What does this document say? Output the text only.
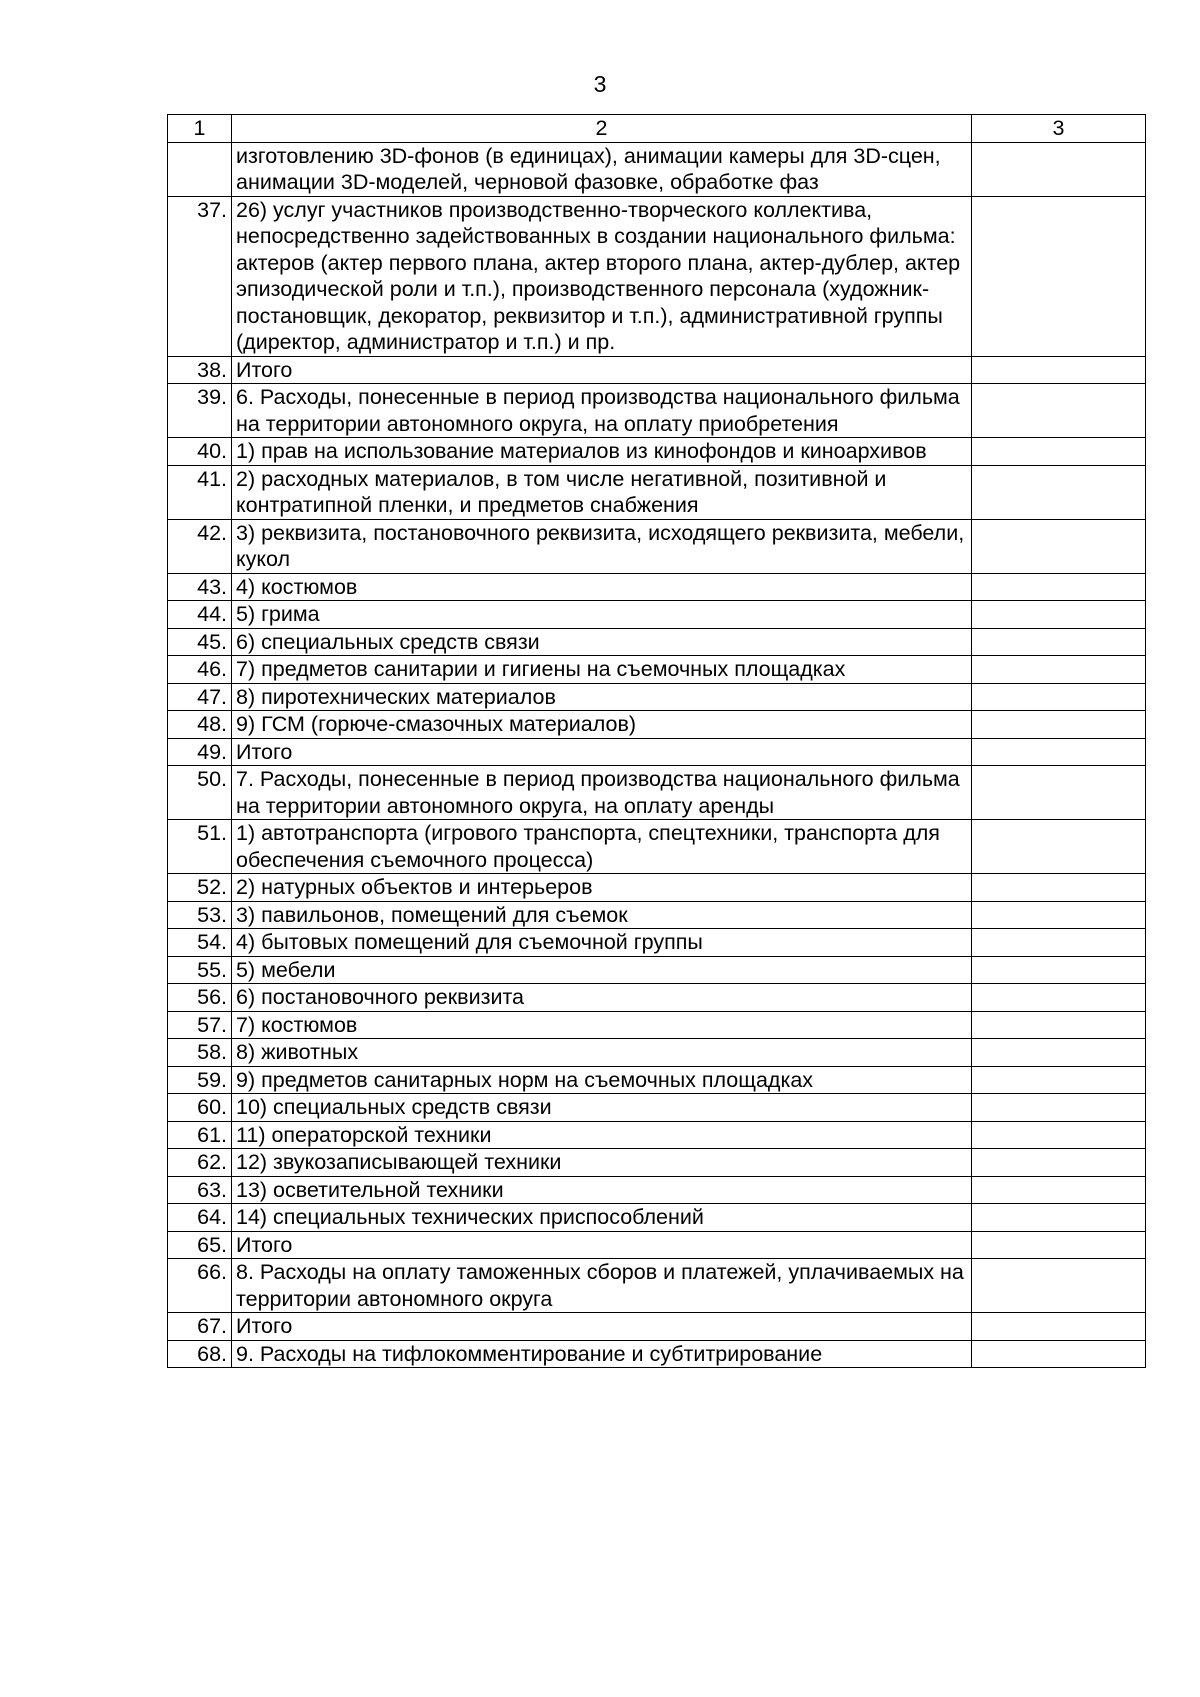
3
1	2	3
	изготовлению 3D-фонов (в единицах), анимации камеры для 3D-сцен, анимации 3D-моделей, черновой фазовке, обработке фаз	
37.	26) услуг участников производственно-творческого коллектива, непосредственно задействованных в создании национального фильма: актеров (актер первого плана, актер второго плана, актер-дублер, актер эпизодической роли и т.п.), производственного персонала (художник-постановщик, декоратор, реквизитор и т.п.), административной группы (директор, администратор и т.п.) и пр.	
38.	Итого	
39.	6. Расходы, понесенные в период производства национального фильма на территории автономного округа, на оплату приобретения	
40.	1) прав на использование материалов из кинофондов и киноархивов	
41.	2) расходных материалов, в том числе негативной, позитивной и контратипной пленки, и предметов снабжения	
42.	3) реквизита, постановочного реквизита, исходящего реквизита, мебели, кукол	
43.	4) костюмов	
44.	5) грима	
45.	6) специальных средств связи	
46.	7) предметов санитарии и гигиены на съемочных площадках	
47.	8) пиротехнических материалов	
48.	9) ГСМ (горюче-смазочных материалов)	
49.	Итого	
50.	7. Расходы, понесенные в период производства национального фильма на территории автономного округа, на оплату аренды	
51.	1) автотранспорта (игрового транспорта, спецтехники, транспорта для обеспечения съемочного процесса)	
52.	2) натурных объектов и интерьеров	
53.	3) павильонов, помещений для съемок	
54.	4) бытовых помещений для съемочной группы	
55.	5) мебели	
56.	6) постановочного реквизита	
57.	7) костюмов	
58.	8) животных	
59.	9) предметов санитарных норм на съемочных площадках	
60.	10) специальных средств связи	
61.	11) операторской техники	
62.	12) звукозаписывающей техники	
63.	13) осветительной техники	
64.	14) специальных технических приспособлений	
65.	Итого	
66.	8. Расходы на оплату таможенных сборов и платежей, уплачиваемых на территории автономного округа	
67.	Итого	
68.	9. Расходы на тифлокомментирование и субтитрирование	
